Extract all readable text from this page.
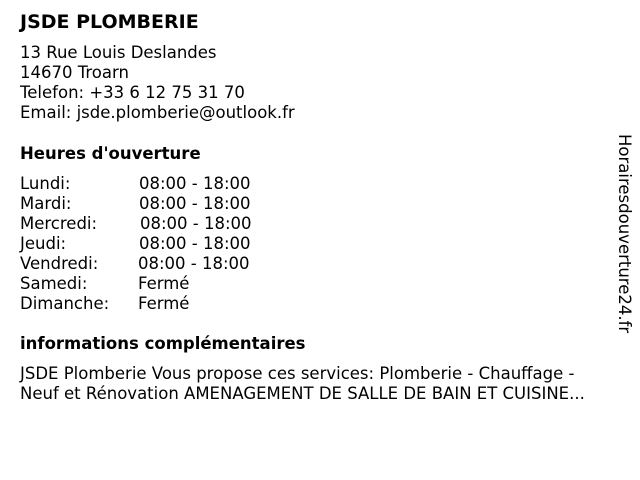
JSDE PLOMBERIE
13 Rue Louis Deslandes
14670 Troarn
Telefon: +33 6 12 75 31 70
Email: jsde.plomberie@outlook.fr
Heures d'ouverture
Lundi:	08:00 - 18:00
Mardi:	08:00 - 18:00
Mercredi:	08:00 - 18:00
Jeudi:	08:00 - 18:00
Vendredi: 08:00 - 18:00
Samedi:	Fermé
Dimanche: Fermé
informations complémentaires
JSDE Plomberie Vous propose ces services: Plomberie - Chauffage -
Neuf et Rénovation AMENAGEMENT DE SALLE DE BAIN ET CUISINE...
Horairesdouverture24.fr
